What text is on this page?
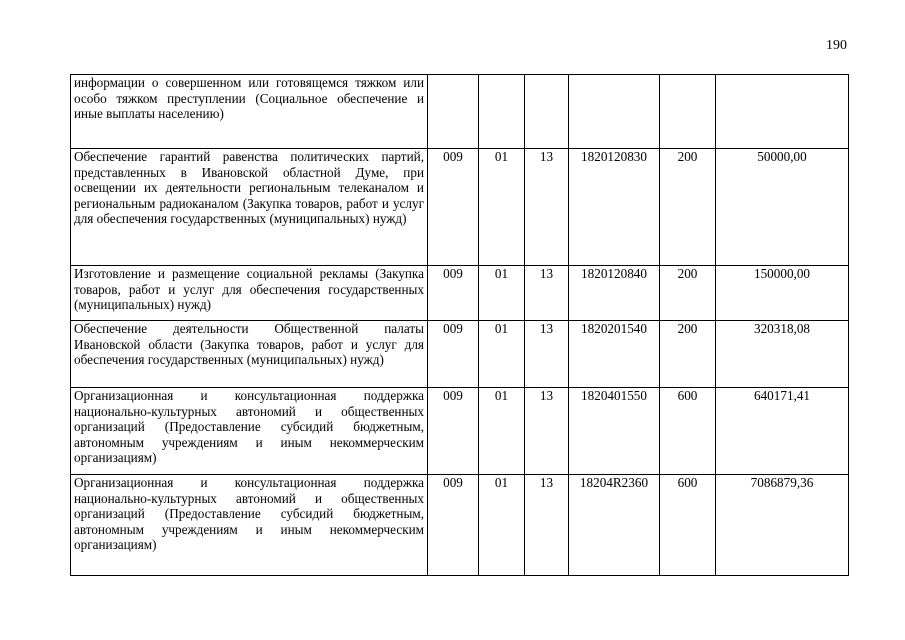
190
информации о совершенном или готовящемся тяжком или особо тяжком преступлении (Социальное обеспечение и иные выплаты населению)						
Обеспечение гарантий равенства политических партий, представленных в Ивановской областной Думе, при освещении их деятельности региональным телеканалом и региональным радиоканалом (Закупка товаров, работ и услуг для обеспечения государственных (муниципальных) нужд)	009	01	13	1820120830	200	50000,00
Изготовление и размещение социальной рекламы (Закупка товаров, работ и услуг для обеспечения государственных (муниципальных) нужд)	009	01	13	1820120840	200	150000,00
Обеспечение деятельности Общественной палаты Ивановской области (Закупка товаров, работ и услуг для обеспечения государственных (муниципальных) нужд)	009	01	13	1820201540	200	320318,08
Организационная и консультационная поддержка национально-культурных автономий и общественных организаций (Предоставление субсидий бюджетным, автономным учреждениям и иным некоммерческим организациям)	009	01	13	1820401550	600	640171,41
Организационная и консультационная поддержка национально-культурных автономий и общественных организаций (Предоставление субсидий бюджетным, автономным учреждениям и иным некоммерческим организациям)	009	01	13	18204R2360	600	7086879,36
